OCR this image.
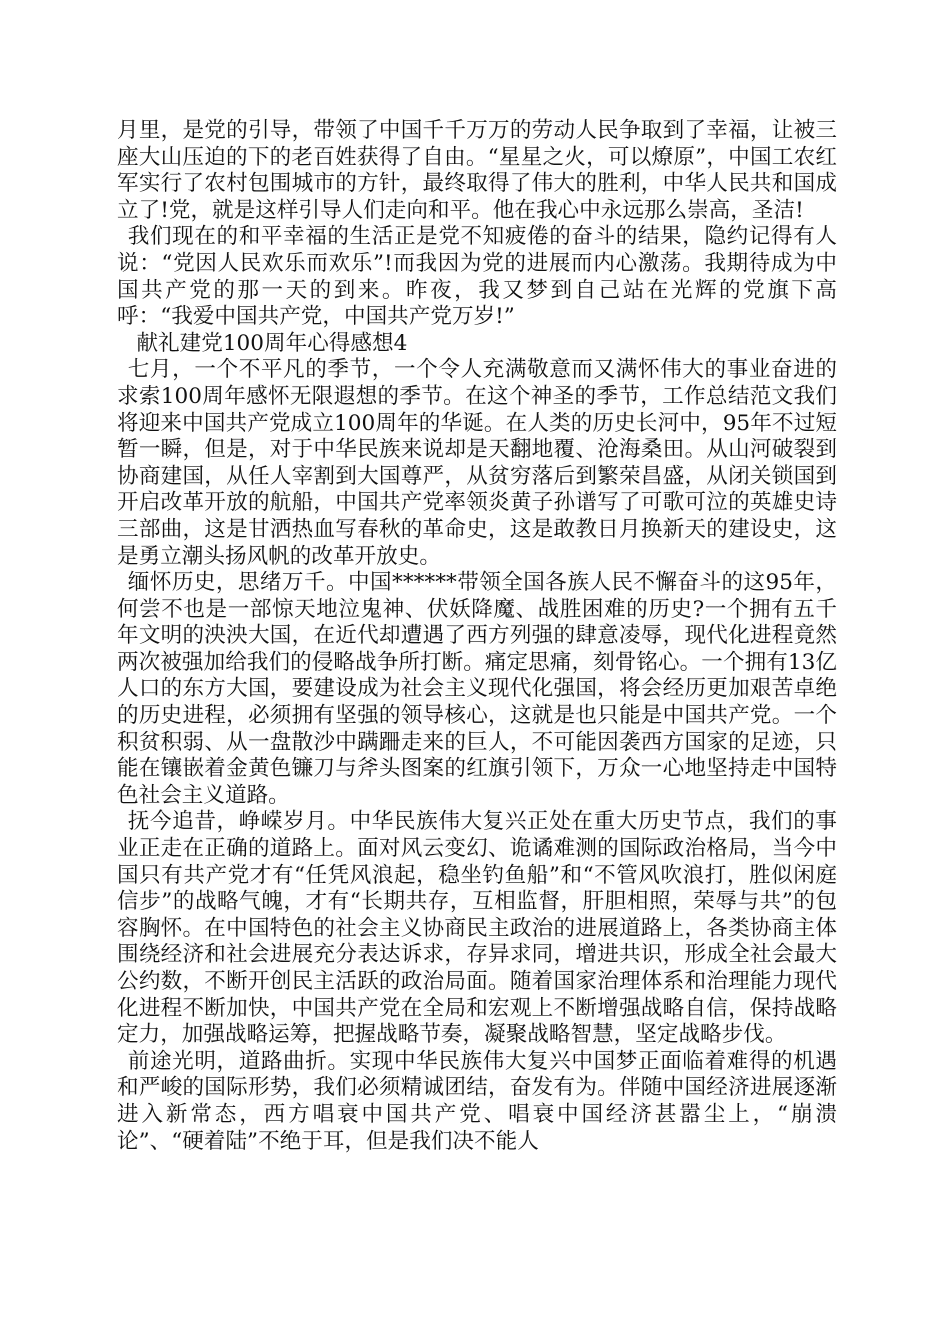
月里，是党的引导，带领了中国千千万万的劳动人民争取到了幸福，让被三座大山压迫的下的老百姓获得了自由。“星星之火，可以燎原”，中国工农红军实行了农村包围城市的方针，最终取得了伟大的胜利，中华人民共和国成立了!党，就是这样引导人们走向和平。他在我心中永远那么崇高，圣洁!

我们现在的和平幸福的生活正是党不知疲倦的奋斗的结果，隐约记得有人说：“党因人民欢乐而欢乐”!而我因为党的进展而内心激荡。我期待成为中国共产党的那一天的到来。昨夜，我又梦到自己站在光辉的党旗下高呼：“我爱中国共产党，中国共产党万岁!”

献礼建党100周年心得感想4

七月，一个不平凡的季节，一个令人充满敬意而又满怀伟大的事业奋进的求索100周年感怀无限遐想的季节。在这个神圣的季节，工作总结范文我们将迎来中国共产党成立100周年的华诞。在人类的历史长河中，95年不过短暂一瞬，但是，对于中华民族来说却是天翻地覆、沧海桑田。从山河破裂到协商建国，从任人宰割到大国尊严，从贫穷落后到繁荣昌盛，从闭关锁国到开启改革开放的航船，中国共产党率领炎黄子孙谱写了可歌可泣的英雄史诗三部曲，这是甘洒热血写春秋的革命史，这是敢教日月换新天的建设史，这是勇立潮头扬风帆的改革开放史。

缅怀历史，思绪万千。中国******带领全国各族人民不懈奋斗的这95年，何尝不也是一部惊天地泣鬼神、伏妖降魔、战胜困难的历史?一个拥有五千年文明的泱泱大国，在近代却遭遇了西方列强的肆意凌辱，现代化进程竟然两次被强加给我们的侵略战争所打断。痛定思痛，刻骨铭心。一个拥有13亿人口的东方大国，要建设成为社会主义现代化强国，将会经历更加艰苦卓绝的历史进程，必须拥有坚强的领导核心，这就是也只能是中国共产党。一个积贫积弱、从一盘散沙中蹒跚走来的巨人，不可能因袭西方国家的足迹，只能在镶嵌着金黄色镰刀与斧头图案的红旗引领下，万众一心地坚持走中国特色社会主义道路。

抚今追昔，峥嵘岁月。中华民族伟大复兴正处在重大历史节点，我们的事业正走在正确的道路上。面对风云变幻、诡谲难测的国际政治格局，当今中国只有共产党才有“任凭风浪起，稳坐钓鱼船”和“不管风吹浪打，胜似闲庭信步”的战略气魄，才有“长期共存，互相监督，肝胆相照，荣辱与共”的包容胸怀。在中国特色的社会主义协商民主政治的进展道路上，各类协商主体围绕经济和社会进展充分表达诉求，存异求同，增进共识，形成全社会最大公约数，不断开创民主活跃的政治局面。随着国家治理体系和治理能力现代化进程不断加快，中国共产党在全局和宏观上不断增强战略自信，保持战略定力，加强战略运筹，把握战略节奏，凝聚战略智慧，坚定战略步伐。

前途光明，道路曲折。实现中华民族伟大复兴中国梦正面临着难得的机遇和严峻的国际形势，我们必须精诚团结，奋发有为。伴随中国经济进展逐渐进入新常态，西方唱衰中国共产党、唱衰中国经济甚嚣尘上，“崩溃论”、“硬着陆”不绝于耳，但是我们决不能人
